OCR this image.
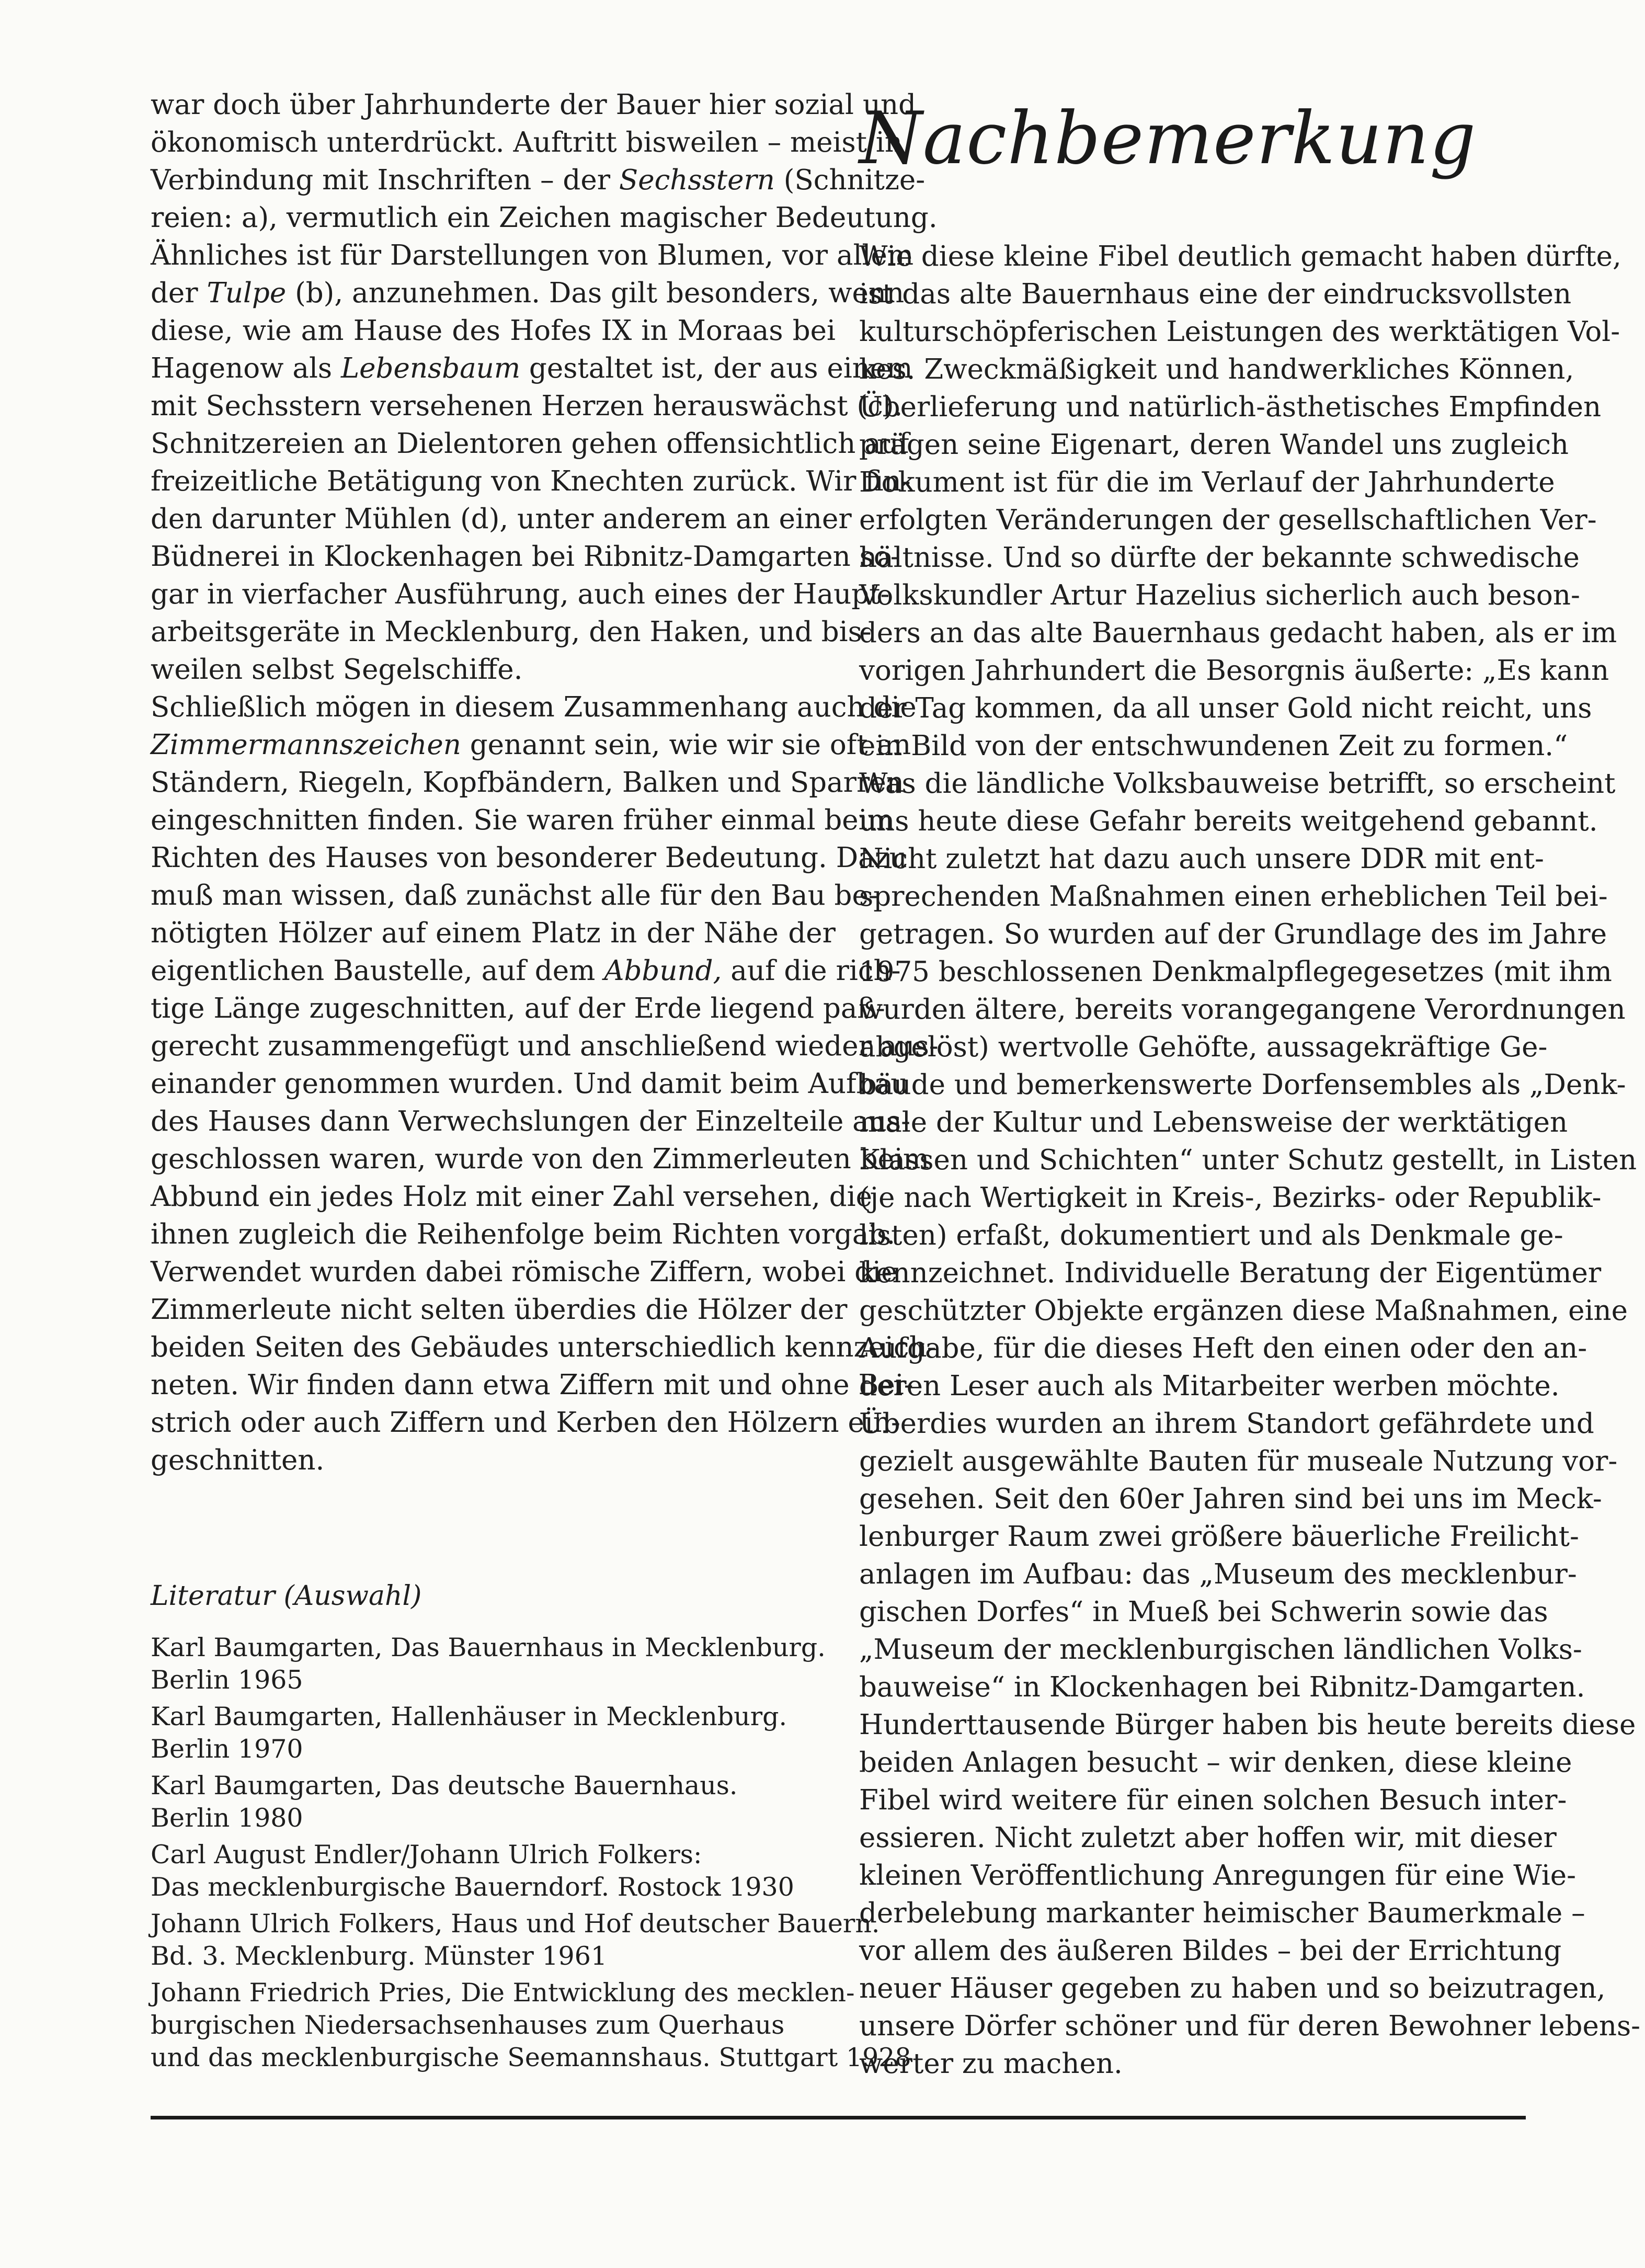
war doch über Jahrhunderte der Bauer hier sozial und
ökonomisch unterdrückt. Auftritt bisweilen – meist in
Verbindung mit Inschriften – der Sechsstern (Schnitze-
reien: a), vermutlich ein Zeichen magischer Bedeutung.
Ähnliches ist für Darstellungen von Blumen, vor allem
der Tulpe (b), anzunehmen. Das gilt besonders, wenn
diese, wie am Hause des Hofes IX in Moraas bei
Hagenow als Lebensbaum gestaltet ist, der aus einem
mit Sechsstern versehenen Herzen herauswächst (c).
Schnitzereien an Dielentoren gehen offensichtlich auf
freizeitliche Betätigung von Knechten zurück. Wir fin-
den darunter Mühlen (d), unter anderem an einer
Büdnerei in Klockenhagen bei Ribnitz-Damgarten so-
gar in vierfacher Ausführung, auch eines der Haupt-
arbeitsgeräte in Mecklenburg, den Haken, und bis-
weilen selbst Segelschiffe.
Schließlich mögen in diesem Zusammenhang auch die
Zimmermannszeichen genannt sein, wie wir sie oft an
Ständern, Riegeln, Kopfbändern, Balken und Sparren
eingeschnitten finden. Sie waren früher einmal beim
Richten des Hauses von besonderer Bedeutung. Dazu
muß man wissen, daß zunächst alle für den Bau be-
nötigten Hölzer auf einem Platz in der Nähe der
eigentlichen Baustelle, auf dem Abbund, auf die rich-
tige Länge zugeschnitten, auf der Erde liegend paß-
gerecht zusammengefügt und anschließend wieder aus-
einander genommen wurden. Und damit beim Aufbau
des Hauses dann Verwechslungen der Einzelteile aus-
geschlossen waren, wurde von den Zimmerleuten beim
Abbund ein jedes Holz mit einer Zahl versehen, die
ihnen zugleich die Reihenfolge beim Richten vorgab.
Verwendet wurden dabei römische Ziffern, wobei die
Zimmerleute nicht selten überdies die Hölzer der
beiden Seiten des Gebäudes unterschiedlich kennzeich-
neten. Wir finden dann etwa Ziffern mit und ohne Bei-
strich oder auch Ziffern und Kerben den Hölzern ein-
geschnitten.
Nachbemerkung
Wie diese kleine Fibel deutlich gemacht haben dürfte,
ist das alte Bauernhaus eine der eindrucksvollsten
kulturschöpferischen Leistungen des werktätigen Vol-
kes. Zweckmäßigkeit und handwerkliches Können,
Überlieferung und natürlich-ästhetisches Empfinden
prägen seine Eigenart, deren Wandel uns zugleich
Dokument ist für die im Verlauf der Jahrhunderte
erfolgten Veränderungen der gesellschaftlichen Ver-
hältnisse. Und so dürfte der bekannte schwedische
Volkskundler Artur Hazelius sicherlich auch beson-
ders an das alte Bauernhaus gedacht haben, als er im
vorigen Jahrhundert die Besorgnis äußerte: „Es kann
der Tag kommen, da all unser Gold nicht reicht, uns
ein Bild von der entschwundenen Zeit zu formen.“
Was die ländliche Volksbauweise betrifft, so erscheint
uns heute diese Gefahr bereits weitgehend gebannt.
Nicht zuletzt hat dazu auch unsere DDR mit ent-
sprechenden Maßnahmen einen erheblichen Teil bei-
getragen. So wurden auf der Grundlage des im Jahre
1975 beschlossenen Denkmalpflegegesetzes (mit ihm
wurden ältere, bereits vorangegangene Verordnungen
abgelöst) wertvolle Gehöfte, aussagekräftige Ge-
bäude und bemerkenswerte Dorfensembles als „Denk-
male der Kultur und Lebensweise der werktätigen
Klassen und Schichten“ unter Schutz gestellt, in Listen
(je nach Wertigkeit in Kreis-, Bezirks- oder Republik-
listen) erfaßt, dokumentiert und als Denkmale ge-
kennzeichnet. Individuelle Beratung der Eigentümer
geschützter Objekte ergänzen diese Maßnahmen, eine
Aufgabe, für die dieses Heft den einen oder den an-
deren Leser auch als Mitarbeiter werben möchte.
Überdies wurden an ihrem Standort gefährdete und
gezielt ausgewählte Bauten für museale Nutzung vor-
gesehen. Seit den 60er Jahren sind bei uns im Meck-
lenburger Raum zwei größere bäuerliche Freilicht-
anlagen im Aufbau: das „Museum des mecklenbur-
gischen Dorfes“ in Mueß bei Schwerin sowie das
„Museum der mecklenburgischen ländlichen Volks-
bauweise“ in Klockenhagen bei Ribnitz-Damgarten.
Hunderttausende Bürger haben bis heute bereits diese
beiden Anlagen besucht – wir denken, diese kleine
Fibel wird weitere für einen solchen Besuch inter-
essieren. Nicht zuletzt aber hoffen wir, mit dieser
kleinen Veröffentlichung Anregungen für eine Wie-
derbelebung markanter heimischer Baumerkmale –
vor allem des äußeren Bildes – bei der Errichtung
neuer Häuser gegeben zu haben und so beizutragen,
unsere Dörfer schöner und für deren Bewohner lebens-
werter zu machen.
Literatur (Auswahl)
Karl Baumgarten, Das Bauernhaus in Mecklenburg.
Berlin 1965
Karl Baumgarten, Hallenhäuser in Mecklenburg.
Berlin 1970
Karl Baumgarten, Das deutsche Bauernhaus.
Berlin 1980
Carl August Endler/Johann Ulrich Folkers:
Das mecklenburgische Bauerndorf. Rostock 1930
Johann Ulrich Folkers, Haus und Hof deutscher Bauern.
Bd. 3. Mecklenburg. Münster 1961
Johann Friedrich Pries, Die Entwicklung des mecklen-
burgischen Niedersachsenhauses zum Querhaus
und das mecklenburgische Seemannshaus. Stuttgart 1928
